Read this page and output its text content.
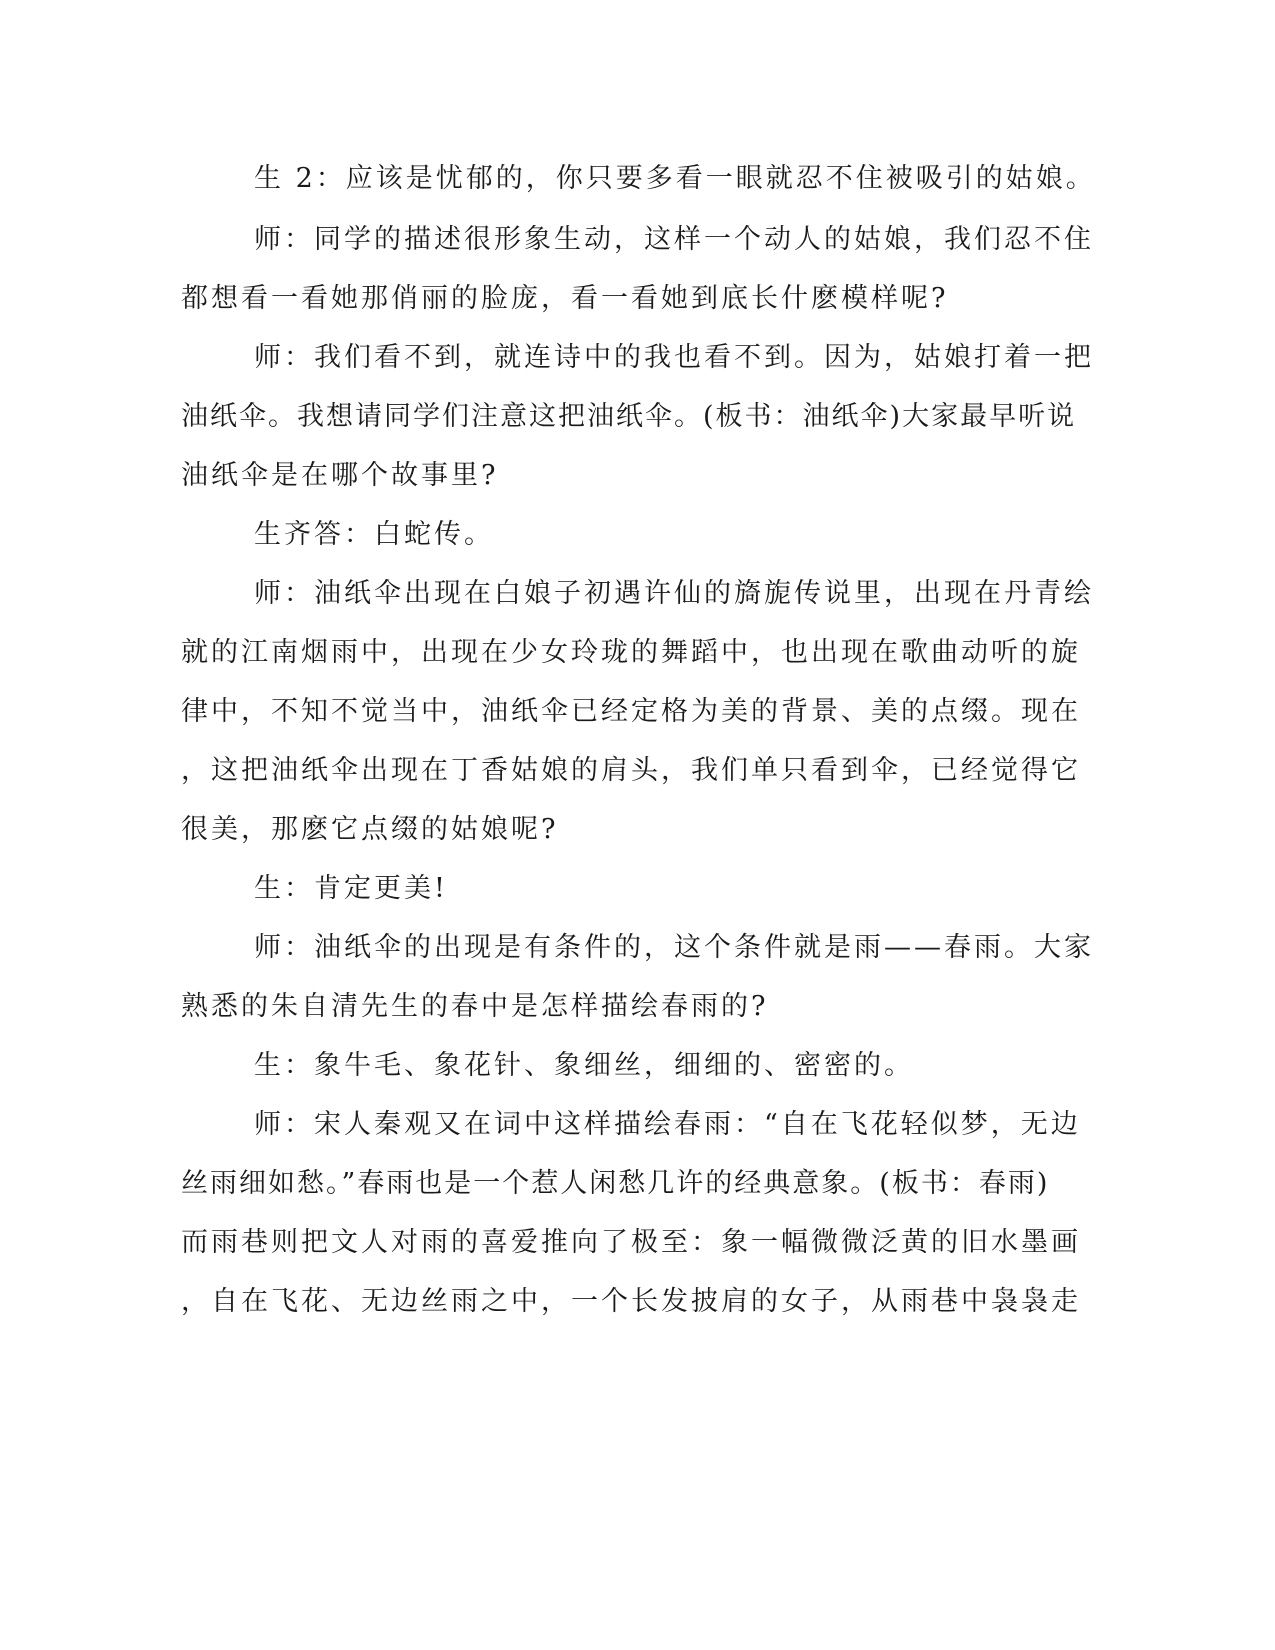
生 2：应该是忧郁的，你只要多看一眼就忍不住被吸引的姑娘。
师：同学的描述很形象生动，这样一个动人的姑娘，我们忍不住
都想看一看她那俏丽的脸庞，看一看她到底长什麽模样呢?
师：我们看不到，就连诗中的我也看不到。因为，姑娘打着一把
油纸伞。我想请同学们注意这把油纸伞。(板书：油纸伞)大家最早听说
油纸伞是在哪个故事里?
生齐答：白蛇传。
师：油纸伞出现在白娘子初遇许仙的旖旎传说里，出现在丹青绘
就的江南烟雨中，出现在少女玲珑的舞蹈中，也出现在歌曲动听的旋
律中，不知不觉当中，油纸伞已经定格为美的背景、美的点缀。现在
，这把油纸伞出现在丁香姑娘的肩头，我们单只看到伞，已经觉得它
很美，那麽它点缀的姑娘呢?
生：肯定更美!
师：油纸伞的出现是有条件的，这个条件就是雨——春雨。大家
熟悉的朱自清先生的春中是怎样描绘春雨的?
生：象牛毛、象花针、象细丝，细细的、密密的。
师：宋人秦观又在词中这样描绘春雨：“自在飞花轻似梦，无边
丝雨细如愁。”春雨也是一个惹人闲愁几许的经典意象。(板书：春雨)
而雨巷则把文人对雨的喜爱推向了极至：象一幅微微泛黄的旧水墨画
，自在飞花、无边丝雨之中，一个长发披肩的女子，从雨巷中袅袅走
